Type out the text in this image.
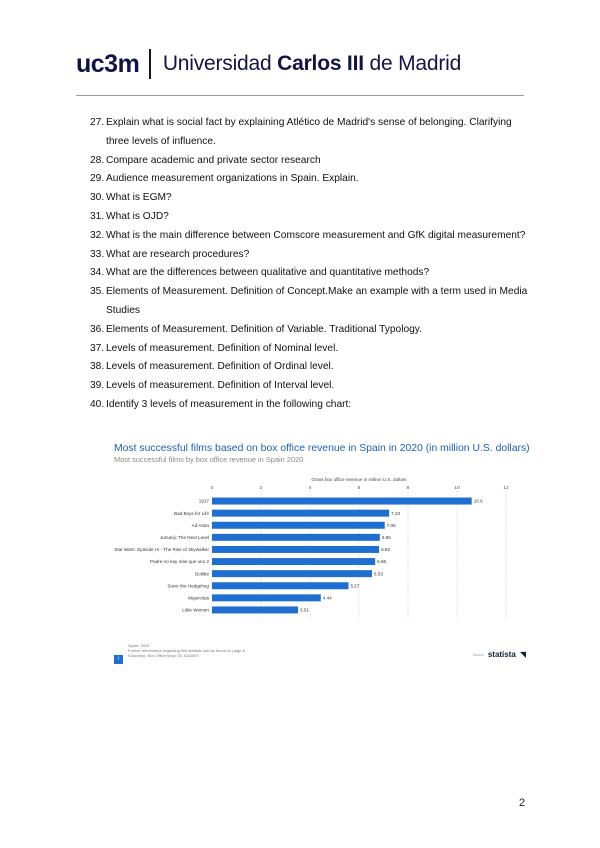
uc3m Universidad Carlos III de Madrid
27. Explain what is social fact by explaining Atlético de Madrid's sense of belonging. Clarifying three levels of influence.
28. Compare academic and private sector research
29. Audience measurement organizations in Spain. Explain.
30. What is EGM?
31. What is OJD?
32. What is the main difference between Comscore measurement and GfK digital measurement?
33. What are research procedures?
34. What are the differences between qualitative and quantitative methods?
35. Elements of Measurement. Definition of Concept.Make an example with a term used in Media Studies
36. Elements of Measurement. Definition of Variable. Traditional Typology.
37. Levels of measurement. Definition of Nominal level.
38. Levels of measurement. Definition of Ordinal level.
39. Levels of measurement. Definition of Interval level.
40. Identify 3 levels of measurement in the following chart:
Most successful films based on box office revenue in Spain in 2020 (in million U.S. dollars)
Most successful films by box office revenue in Spain 2020
Gross box office revenue in million U.S. dollars
0	2	4	6	8	10	12
1917	10.6
Bad Boys for Life	7.23
Ad Astra	7.05
Jumanji: The Next Level	6.85
Star Wars: Episode IX - The Rise of Skywalker	6.82
Padre no hay más que uno 2	6.66
Dolittle	6.53
Sonic the Hedgehog	5.57
Mujercitas	4.44
Little Women	3.51
i
Spain; 2020
Further information regarding this statistic can be found on page 8.
Source(s): Box Office Mojo; ID 1042009	Source statista ◥
2
